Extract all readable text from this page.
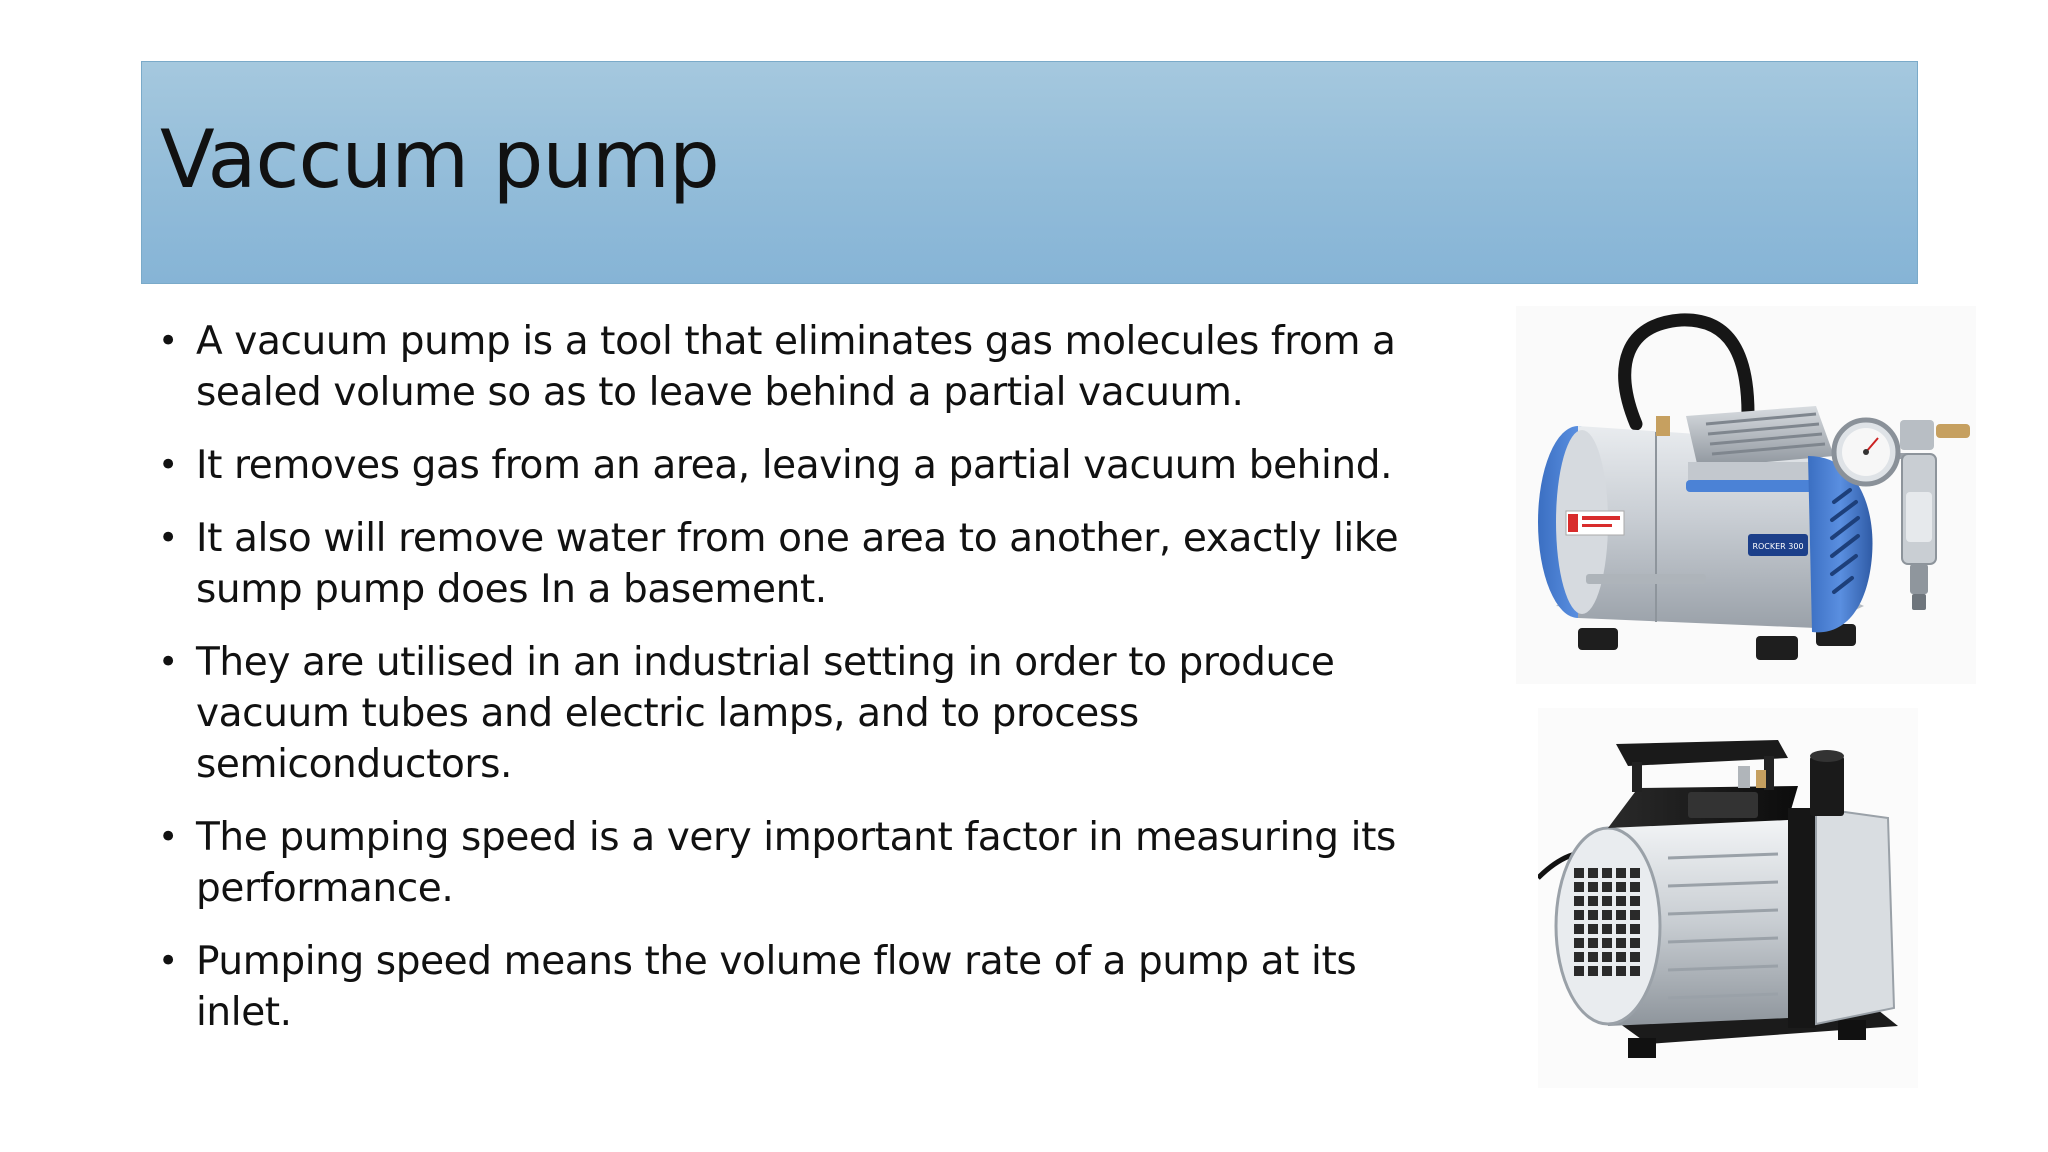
Vaccum pump
• A vacuum pump is a tool that eliminates gas molecules from a sealed volume so as to leave behind a partial vacuum.
• It removes gas from an area, leaving a partial vacuum behind.
• It also will remove water from one area to another, exactly like sump pump does In a basement.
• They are utilised in an industrial setting in order to produce vacuum tubes and electric lamps, and to process semiconductors.
• The pumping speed is a very important factor in measuring its performance.
• Pumping speed means the volume flow rate of a pump at its inlet.
ROCKER 300
